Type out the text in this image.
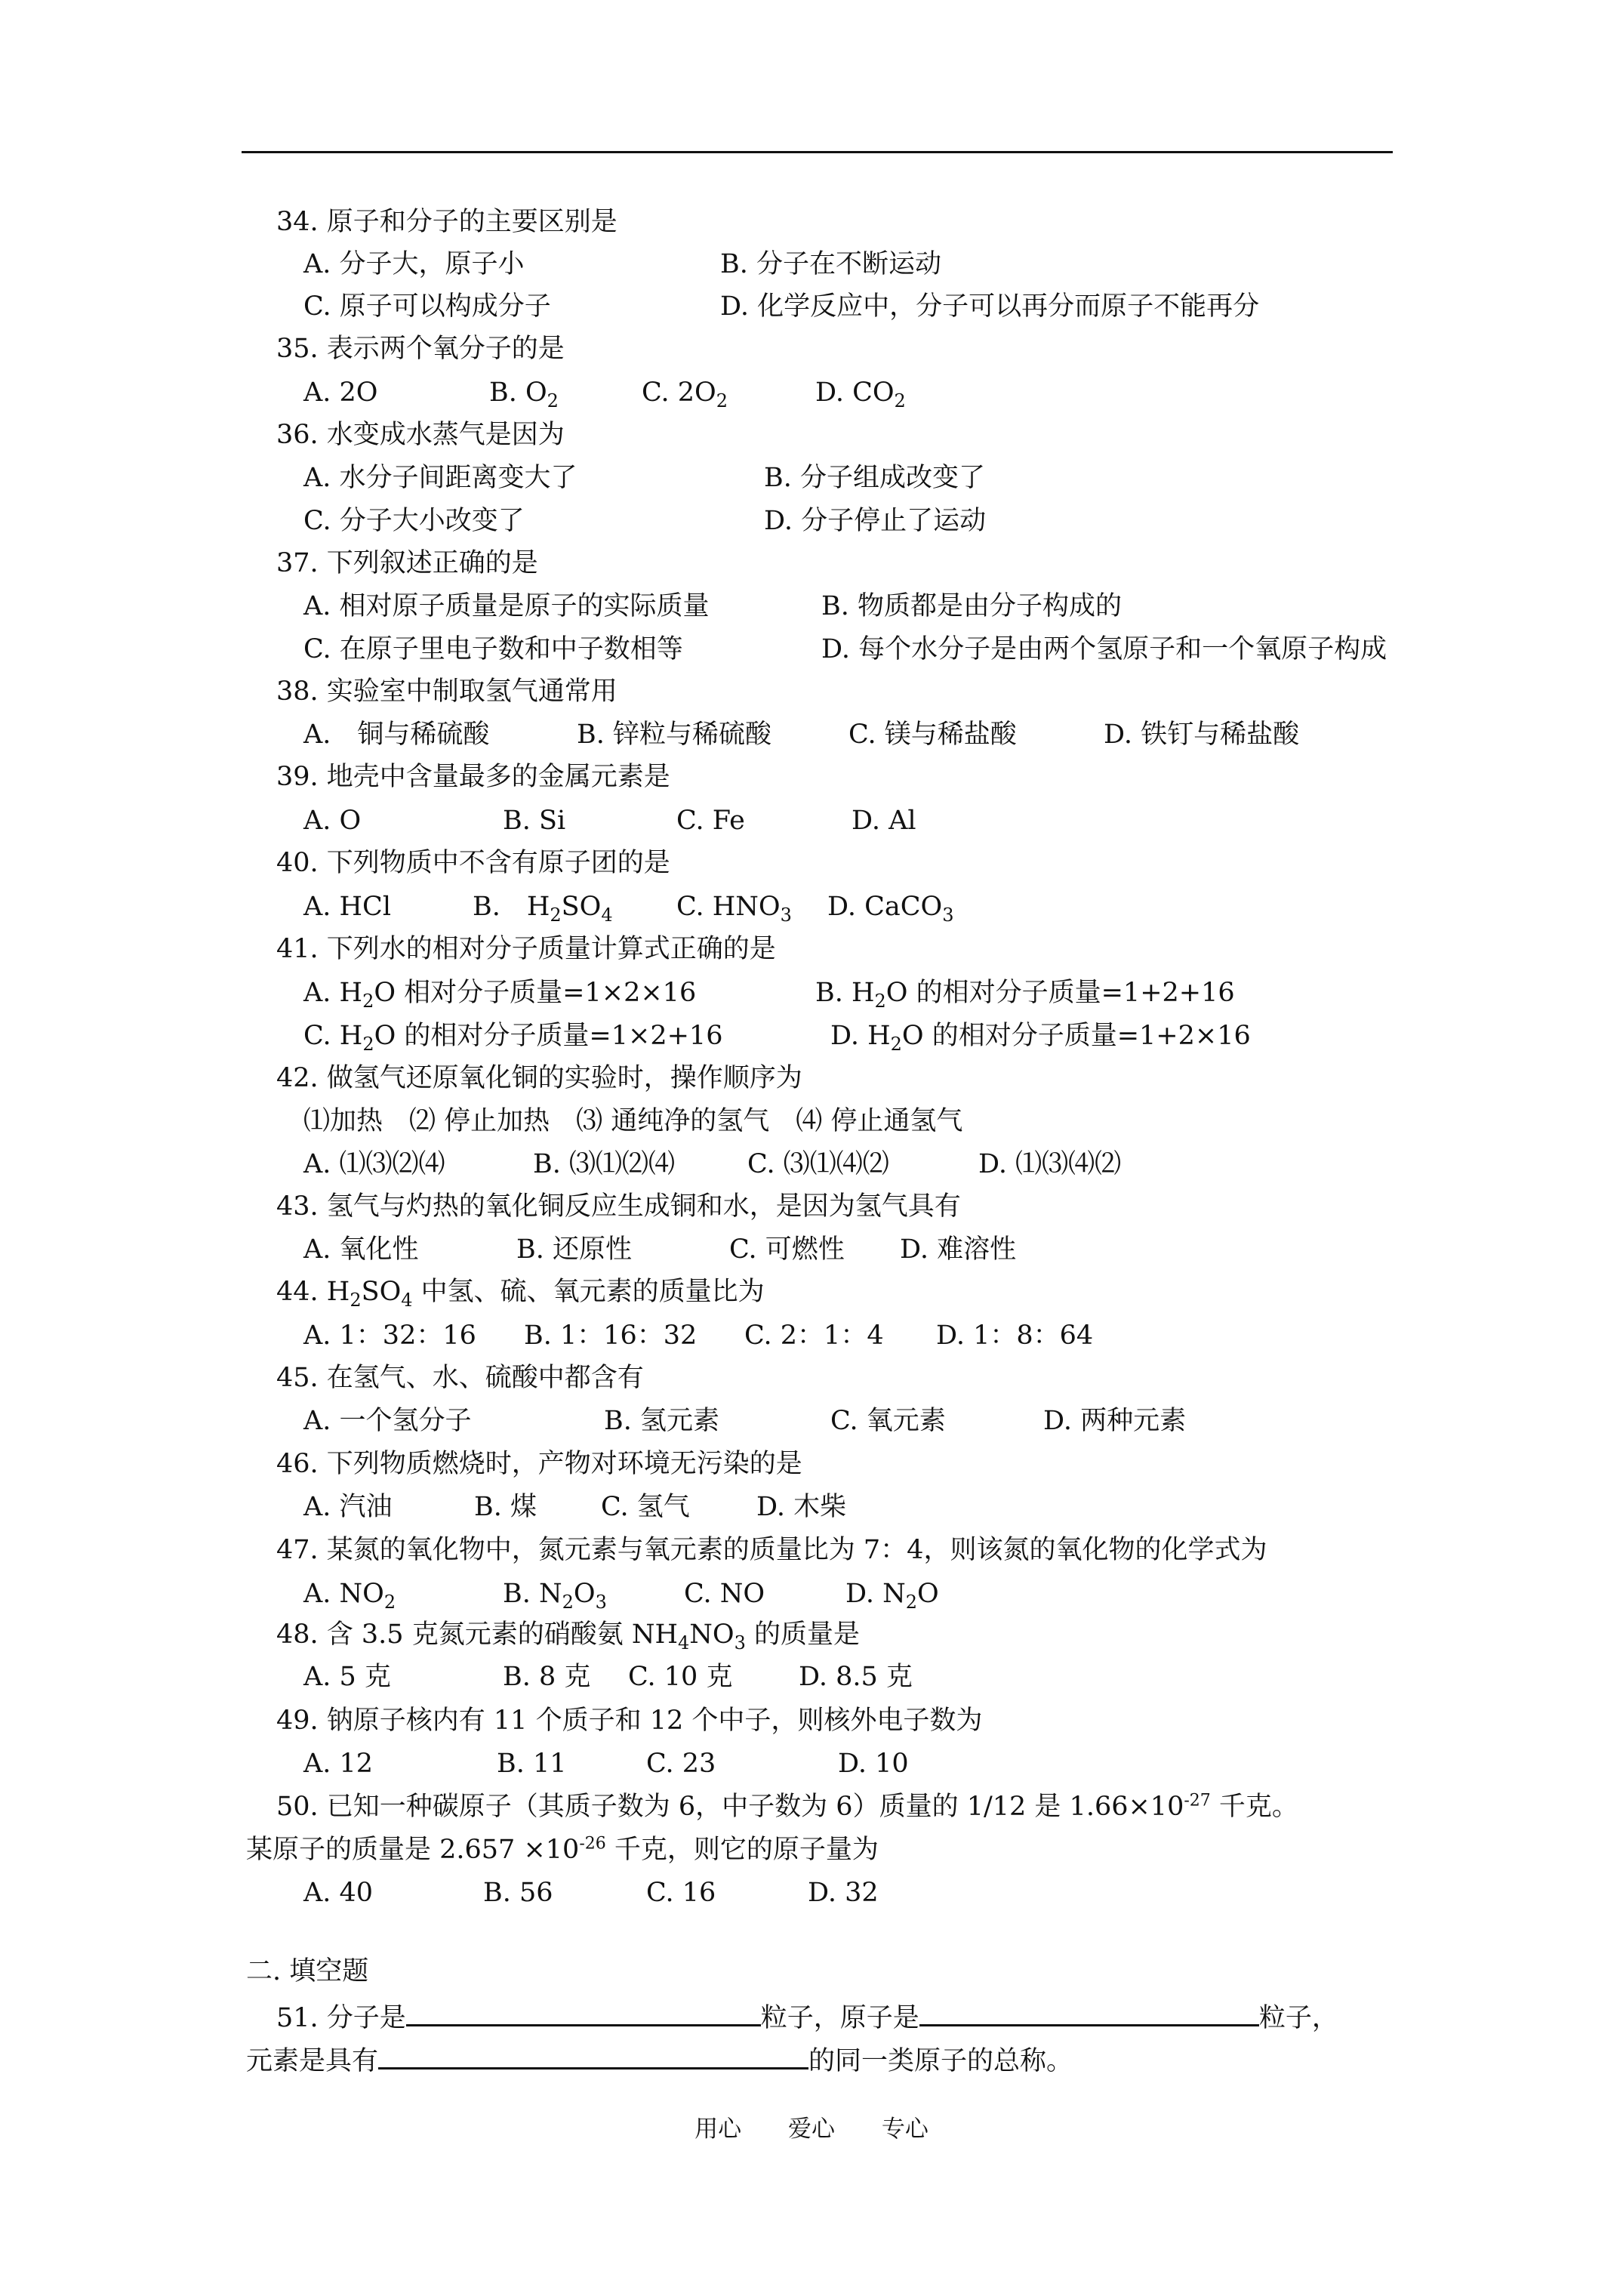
34. 原子和分子的主要区别是
A. 分子大，原子小	B. 分子在不断运动
C. 原子可以构成分子	D. 化学反应中，分子可以再分而原子不能再分
35. 表示两个氧分子的是
A. 2O	B. $O_2$	C. $2O_2$	D. $CO_2$
36. 水变成水蒸气是因为
A. 水分子间距离变大了	B. 分子组成改变了
C. 分子大小改变了	D. 分子停止了运动
37. 下列叙述正确的是
A. 相对原子质量是原子的实际质量	B. 物质都是由分子构成的
C. 在原子里电子数和中子数相等	D. 每个水分子是由两个氢原子和一个氧原子构成
38. 实验室中制取氢气通常用
A.　铜与稀硫酸	B. 锌粒与稀硫酸	C. 镁与稀盐酸	D. 铁钉与稀盐酸
39. 地壳中含量最多的金属元素是
A. O	B. Si	C. Fe	D. Al
40. 下列物质中不含有原子团的是
A. HCl	B.　$H_2SO_4$ C. $HNO_3$ D. CaCO$_3$
41. 下列水的相对分子质量计算式正确的是
A. $H_2O$ 相对分子质量=1×2×16	B. $H_2O$ 的相对分子质量=1+2+16
C. $H_2O$ 的相对分子质量=1×2+16	D. $H_2O$ 的相对分子质量=1+2×16
42. 做氢气还原氧化铜的实验时，操作顺序为
⑴加热　⑵ 停止加热　⑶ 通纯净的氢气　⑷ 停止通氢气
A. ⑴⑶⑵⑷	B. ⑶⑴⑵⑷	C. ⑶⑴⑷⑵	D. ⑴⑶⑷⑵
43. 氢气与灼热的氧化铜反应生成铜和水，是因为氢气具有
A. 氧化性	B. 还原性	C. 可燃性 D. 难溶性
44. $H_2SO_4$ 中氢、硫、氧元素的质量比为
A. 1：32：16 B. 1：16：32 C. 2：1：4 D. 1：8：64
45. 在氢气、水、硫酸中都含有
A. 一个氢分子	B. 氢元素	C. 氧元素	D. 两种元素
46. 下列物质燃烧时，产物对环境无污染的是
A. 汽油	B. 煤 C. 氢气	D. 木柴
47. 某氮的氧化物中，氮元素与氧元素的质量比为 7：4，则该氮的氧化物的化学式为
A. $NO_2$	B. $N_2O_3$	C. NO	D. $N_2O$
48. 含 3.5 克氮元素的硝酸氨 $NH_4NO_3$ 的质量是
A. 5 克	B. 8 克 C. 10 克	D. 8.5 克
49. 钠原子核内有 11 个质子和 12 个中子，则核外电子数为
A. 12	B. 11	C. 23	D. 10
50. 已知一种碳原子（其质子数为 6，中子数为 6）质量的 1/12 是 $1.66\times 10^{-27}$ 千克。
某原子的质量是 $2.657 \times 10^{-26}$ 千克，则它的原子量为
A. 40	B. 56	C. 16	D. 32
二. 填空题
51. 分子是	粒子，原子是	粒子，
元素是具有	的同一类原子的总称。
用心 爱心 专心
